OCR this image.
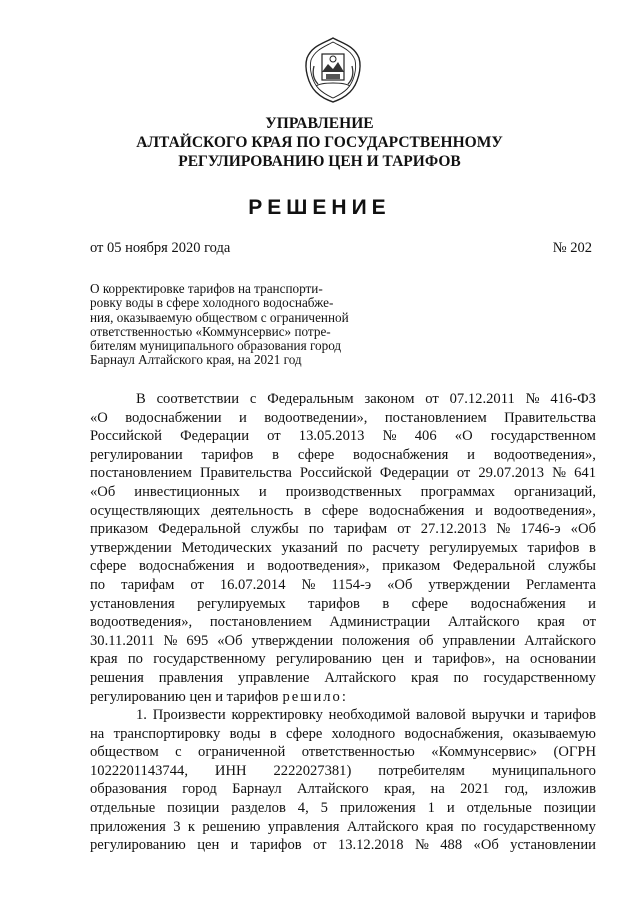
УПРАВЛЕНИЕ
АЛТАЙСКОГО КРАЯ ПО ГОСУДАРСТВЕННОМУ
РЕГУЛИРОВАНИЮ ЦЕН И ТАРИФОВ
РЕШЕНИЕ
от 05 ноября 2020 года	№ 202
О корректировке тарифов на транспорти-
ровку воды в сфере холодного водоснабже-
ния, оказываемую обществом с ограниченной
ответственностью «Коммунсервис» потре-
бителям муниципального образования город
Барнаул Алтайского края, на 2021 год
В соответствии с Федеральным законом от 07.12.2011 № 416-ФЗ
«О водоснабжении и водоотведении», постановлением Правительства
Российской Федерации от 13.05.2013 № 406 «О государственном
регулировании тарифов в сфере водоснабжения и водоотведения»,
постановлением Правительства Российской Федерации от 29.07.2013 № 641
«Об инвестиционных и производственных программах организаций,
осуществляющих деятельность в сфере водоснабжения и водоотведения»,
приказом Федеральной службы по тарифам от 27.12.2013 № 1746-э «Об
утверждении Методических указаний по расчету регулируемых тарифов в
сфере водоснабжения и водоотведения», приказом Федеральной службы
по тарифам от 16.07.2014 № 1154-э «Об утверждении Регламента
установления регулируемых тарифов в сфере водоснабжения и
водоотведения», постановлением Администрации Алтайского края от
30.11.2011 № 695 «Об утверждении положения об управлении Алтайского
края по государственному регулированию цен и тарифов», на основании
решения правления управление Алтайского края по государственному
регулированию цен и тарифов решило:
1. Произвести корректировку необходимой валовой выручки и тарифов
на транспортировку воды в сфере холодного водоснабжения, оказываемую
обществом с ограниченной ответственностью «Коммунсервис» (ОГРН
1022201143744, ИНН 2222027381) потребителям муниципального
образования город Барнаул Алтайского края, на 2021 год, изложив
отдельные позиции разделов 4, 5 приложения 1 и отдельные позиции
приложения 3 к решению управления Алтайского края по государственному
регулированию цен и тарифов от 13.12.2018 № 488 «Об установлении
